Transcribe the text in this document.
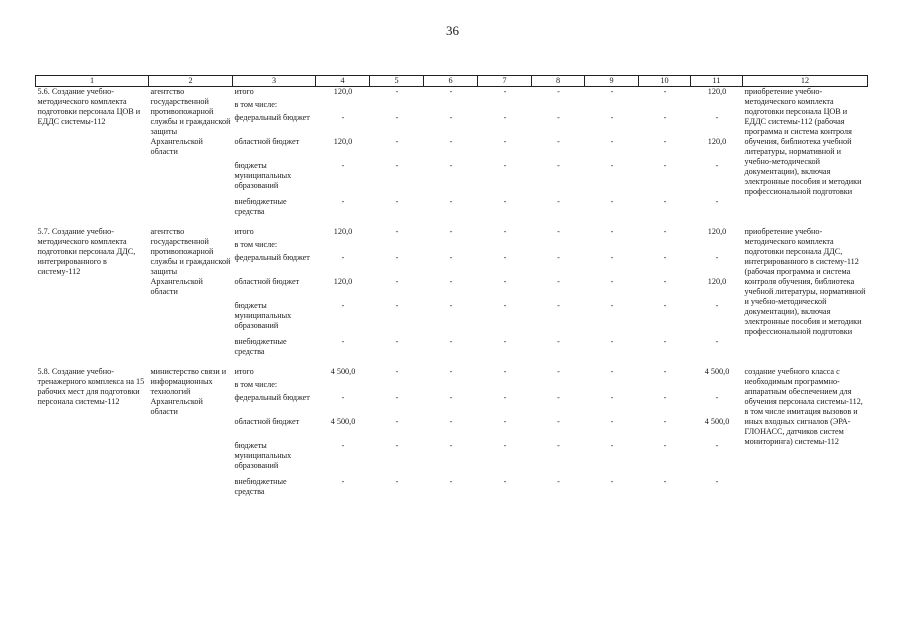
36
1	2	3	4	5	6	7	8	9	10	11	12
5.6. Создание учебно-методического комплекта подготовки персонала ЦОВ и ЕДДС системы-112	агентство государственной противопожарной службы и гражданской защиты Архангельской области	итого	120,0	-	-	-	-	-	-	120,0	приобретение учебно-методического комплекта подготовки персонала ЦОВ и ЕДДС системы-112 (рабочая программа и система контроля обучения, библиотека учебной литературы, нормативной и учебно-методической документации), включая электронные пособия и методики профессиональной подготовки
		в том числе:									
		федеральный бюджет	-	-	-	-	-	-	-	-	
		областной бюджет	120,0	-	-	-	-	-	-	120,0	
		бюджеты муниципальных образований	-	-	-	-	-	-	-	-	
		внебюджетные средства	-	-	-	-	-	-	-	-	

5.7. Создание учебно-методического комплекта подготовки персонала ДДС, интегрированного в систему-112	агентство государственной противопожарной службы и гражданской защиты Архангельской области	итого	120,0	-	-	-	-	-	-	120,0	приобретение учебно-методического комплекта подготовки персонала ДДС, интегрированного в систему-112 (рабочая программа и система контроля обучения, библиотека учебной литературы, нормативной и учебно-методической документации), включая электронные пособия и методики профессиональной подготовки
		в том числе:									
		федеральный бюджет	-	-	-	-	-	-	-	-	
		областной бюджет	120,0	-	-	-	-	-	-	120,0	
		бюджеты муниципальных образований	-	-	-	-	-	-	-	-	
		внебюджетные средства	-	-	-	-	-	-	-	-	

5.8. Создание учебно-тренажерного комплекса на 15 рабочих мест для подготовки персонала системы-112	министерство связи и информационных технологий Архангельской области	итого	4 500,0	-	-	-	-	-	-	4 500,0	создание учебного класса с необходимым программно-аппаратным обеспечением для обучения персонала системы-112, в том числе имитация вызовов и иных входных сигналов (ЭРА-ГЛОНАСС, датчиков систем мониторинга) системы-112
		в том числе:									
		федеральный бюджет	-	-	-	-	-	-	-	-	
		областной бюджет	4 500,0	-	-	-	-	-	-	4 500,0	
		бюджеты муниципальных образований	-	-	-	-	-	-	-	-	
		внебюджетные средства	-	-	-	-	-	-	-	-	
